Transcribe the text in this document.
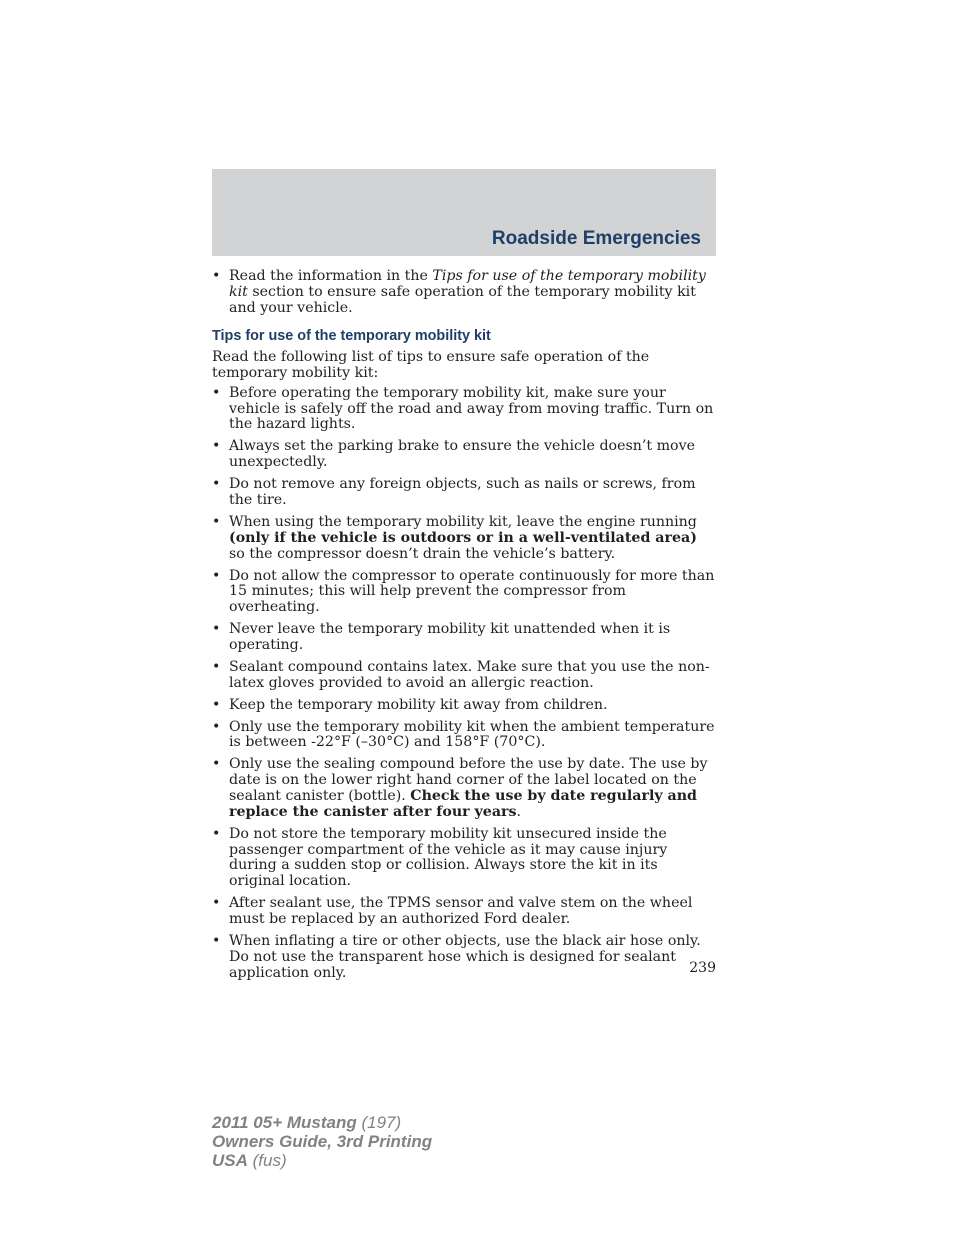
Roadside Emergencies
• Read the information in the Tips for use of the temporary mobility kit section to ensure safe operation of the temporary mobility kit and your vehicle.
Tips for use of the temporary mobility kit

Read the following list of tips to ensure safe operation of the temporary mobility kit:

• Before operating the temporary mobility kit, make sure your vehicle is safely off the road and away from moving traffic. Turn on the hazard lights.
• Always set the parking brake to ensure the vehicle doesn’t move unexpectedly.
• Do not remove any foreign objects, such as nails or screws, from the tire.
• When using the temporary mobility kit, leave the engine running (only if the vehicle is outdoors or in a well-ventilated area) so the compressor doesn’t drain the vehicle’s battery.
• Do not allow the compressor to operate continuously for more than 15 minutes; this will help prevent the compressor from overheating.
• Never leave the temporary mobility kit unattended when it is operating.
• Sealant compound contains latex. Make sure that you use the non-latex gloves provided to avoid an allergic reaction.
• Keep the temporary mobility kit away from children.
• Only use the temporary mobility kit when the ambient temperature is between -22°F (–30°C) and 158°F (70°C).
• Only use the sealing compound before the use by date. The use by date is on the lower right hand corner of the label located on the sealant canister (bottle). Check the use by date regularly and replace the canister after four years.
• Do not store the temporary mobility kit unsecured inside the passenger compartment of the vehicle as it may cause injury during a sudden stop or collision. Always store the kit in its original location.
• After sealant use, the TPMS sensor and valve stem on the wheel must be replaced by an authorized Ford dealer.
• When inflating a tire or other objects, use the black air hose only. Do not use the transparent hose which is designed for sealant application only.	239
2011 05+ Mustang (197)
Owners Guide, 3rd Printing
USA (fus)
